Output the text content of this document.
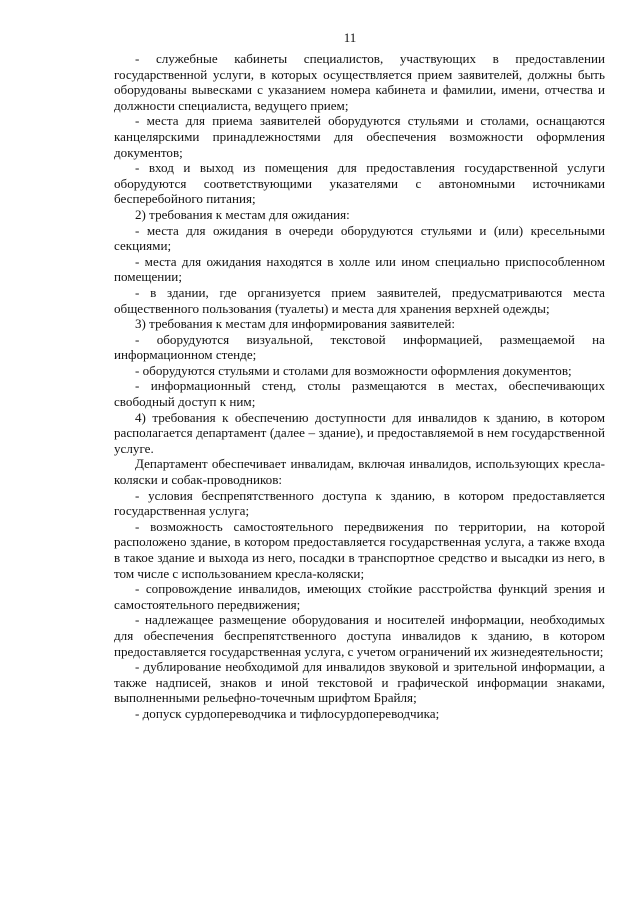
11

- служебные кабинеты специалистов, участвующих в предоставлении государственной услуги, в которых осуществляется прием заявителей, должны быть оборудованы вывесками с указанием номера кабинета и фамилии, имени, отчества и должности специалиста, ведущего прием;

- места для приема заявителей оборудуются стульями и столами, оснащаются канцелярскими принадлежностями для обеспечения возможности оформления документов;

- вход и выход из помещения для предоставления государственной услуги оборудуются соответствующими указателями с автономными источниками бесперебойного питания;

2) требования к местам для ожидания:

- места для ожидания в очереди оборудуются стульями и (или) кресельными секциями;

- места для ожидания находятся в холле или ином специально приспособленном помещении;

- в здании, где организуется прием заявителей, предусматриваются места общественного пользования (туалеты) и места для хранения верхней одежды;

3) требования к местам для информирования заявителей:

- оборудуются визуальной, текстовой информацией, размещаемой на информационном стенде;

- оборудуются стульями и столами для возможности оформления документов;

- информационный стенд, столы размещаются в местах, обеспечивающих свободный доступ к ним;

4) требования к обеспечению доступности для инвалидов к зданию, в котором располагается департамент (далее – здание), и предоставляемой в нем государственной услуге.

Департамент обеспечивает инвалидам, включая инвалидов, использующих кресла-коляски и собак-проводников:

- условия беспрепятственного доступа к зданию, в котором предоставляется государственная услуга;

- возможность самостоятельного передвижения по территории, на которой расположено здание, в котором предоставляется государственная услуга, а также входа в такое здание и выхода из него, посадки в транспортное средство и высадки из него, в том числе с использованием кресла-коляски;

- сопровождение инвалидов, имеющих стойкие расстройства функций зрения и самостоятельного передвижения;

- надлежащее размещение оборудования и носителей информации, необходимых для обеспечения беспрепятственного доступа инвалидов к зданию, в котором предоставляется государственная услуга, с учетом ограничений их жизнедеятельности;

- дублирование необходимой для инвалидов звуковой и зрительной информации, а также надписей, знаков и иной текстовой и графической информации знаками, выполненными рельефно-точечным шрифтом Брайля;

- допуск сурдопереводчика и тифлосурдопереводчика;
